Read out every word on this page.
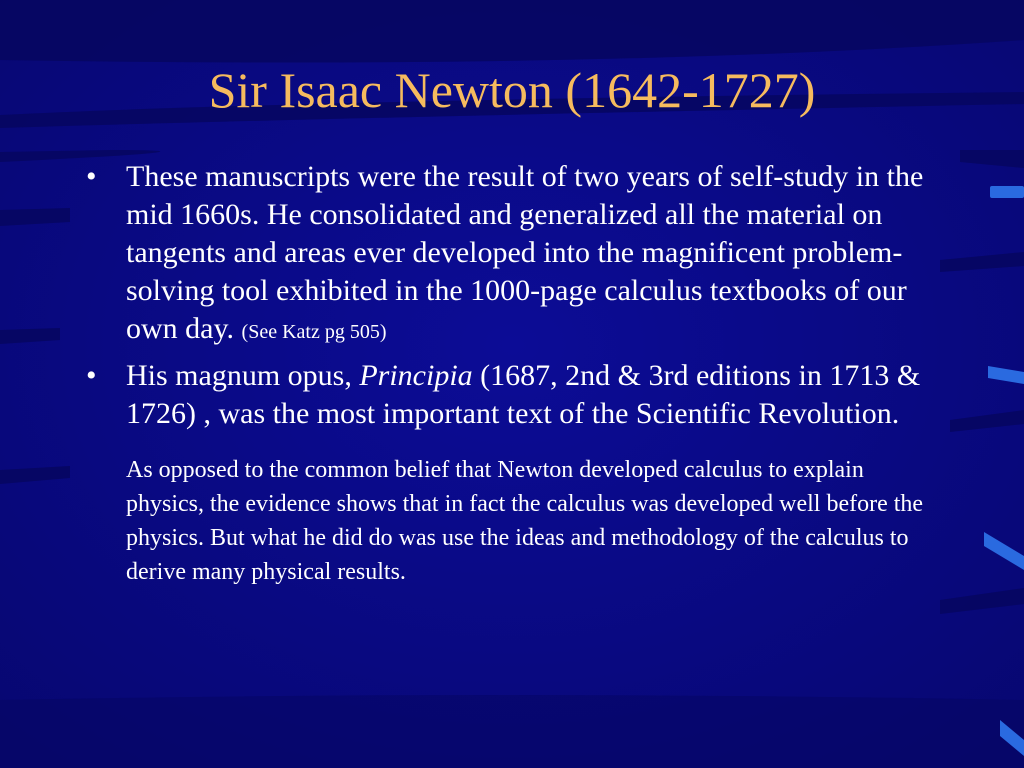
Sir Isaac Newton (1642-1727)
• These manuscripts were the result of two years of self-study in the mid 1660s. He consolidated and generalized all the material on tangents and areas ever developed into the magnificent problem-solving tool exhibited in the 1000-page calculus textbooks of our own day. (See Katz pg 505)
• His magnum opus, Principia (1687, 2nd & 3rd editions in 1713 & 1726) , was the most important text of the Scientific Revolution.
As opposed to the common belief that Newton developed calculus to explain physics, the evidence shows that in fact the calculus was developed well before the physics. But what he did do was use the ideas and methodology of the calculus to derive many physical results.
